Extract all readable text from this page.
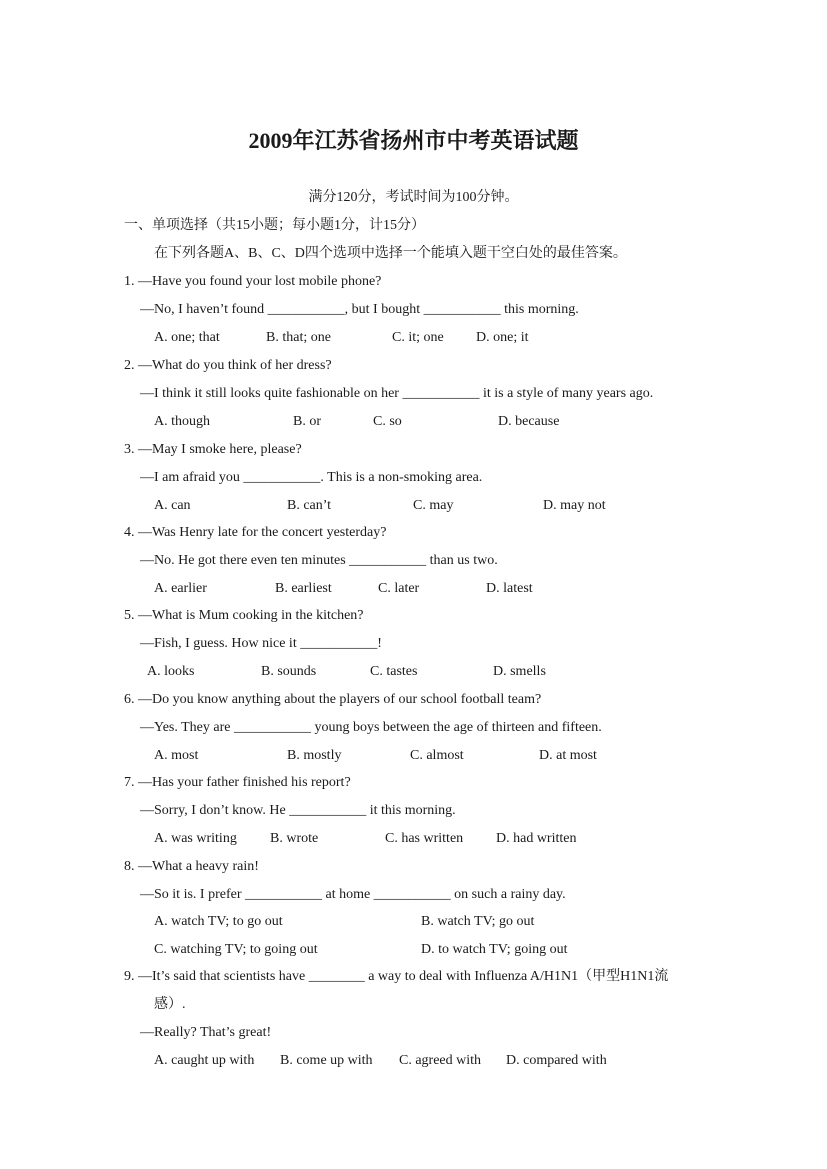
2009年江苏省扬州市中考英语试题
满分120分，考试时间为100分钟。
一、单项选择（共15小题；每小题1分，计15分）
在下列各题A、B、C、D四个选项中选择一个能填入题干空白处的最佳答案。
1. —Have you found your lost mobile phone?
—No, I haven’t found ___________, but I bought ___________ this morning.
A. one; that	B. that; one	C. it; one D. one; it
2. —What do you think of her dress?
—I think it still looks quite fashionable on her ___________ it is a style of many years ago.
A. though	B. or	C. so	D. because
3. —May I smoke here, please?
—I am afraid you ___________. This is a non-smoking area.
A. can	B. can’t	C. may	D. may not
4. —Was Henry late for the concert yesterday?
—No. He got there even ten minutes ___________ than us two.
A. earlier	B. earliest	C. later	D. latest
5. —What is Mum cooking in the kitchen?
—Fish, I guess. How nice it ___________!
A. looks	B. sounds	C. tastes	D. smells
6. —Do you know anything about the players of our school football team?
—Yes. They are ___________ young boys between the age of thirteen and fifteen.
A. most	B. mostly	C. almost	D. at most
7. —Has your father finished his report?
—Sorry, I don’t know. He ___________ it this morning.
A. was writing B. wrote	C. has written D. had written
8. —What a heavy rain!
—So it is. I prefer ___________ at home ___________ on such a rainy day.
A. watch TV; to go out	B. watch TV; go out
C. watching TV; to going out	D. to watch TV; going out
9. —It’s said that scientists have ________ a way to deal with Influenza A/H1N1（甲型H1N1流
感）.
—Really? That’s great!
A. caught up with B. come up with C. agreed with D. compared with
